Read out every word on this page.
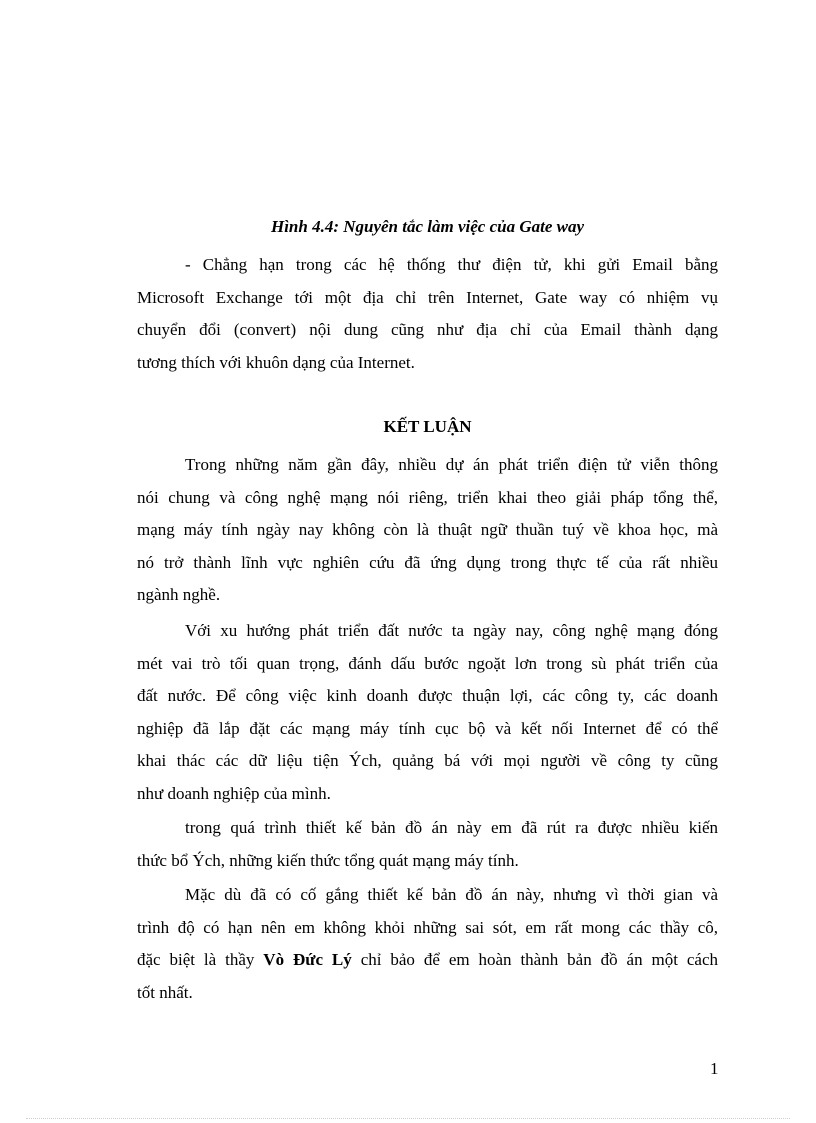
Hình 4.4: Nguyên tắc làm việc của Gate way
- Chẳng hạn trong các hệ thống thư điện tử, khi gửi Email bằng
Microsoft Exchange tới một địa chỉ trên Internet, Gate way có nhiệm vụ
chuyển đổi (convert) nội dung cũng như địa chỉ của Email thành dạng
tương thích với khuôn dạng của Internet.
KẾT LUẬN
Trong những năm gần đây, nhiều dự án phát triển điện tử viễn thông
nói chung và công nghệ mạng nói riêng, triển khai theo giải pháp tổng thể,
mạng máy tính ngày nay không còn là thuật ngữ thuần tuý về khoa học, mà
nó trở thành lĩnh vực nghiên cứu đã ứng dụng trong thực tế của rất nhiều
ngành nghề.
Với xu hướng phát triển đất nước ta ngày nay, công nghệ mạng đóng
mét vai trò tối quan trọng, đánh dấu bước ngoặt lơn trong sù phát triển của
đất nước. Để công việc kinh doanh được thuận lợi, các công ty, các doanh
nghiệp đã lắp đặt các mạng máy tính cục bộ và kết nối Internet để có thể
khai thác các dữ liệu tiện Ých, quảng bá với mọi người về công ty cũng
như doanh nghiệp của mình.
trong quá trình thiết kế bản đồ án này em đã rút ra được nhiều kiến
thức bổ Ých, những kiến thức tổng quát mạng máy tính.
Mặc dù đã có cố gắng thiết kế bản đồ án này, nhưng vì thời gian và
trình độ có hạn nên em không khỏi những sai sót, em rất mong các thầy cô,
đặc biệt là thầy Vò Đức Lý chỉ bảo để em hoàn thành bản đồ án một cách
tốt nhất.
1
